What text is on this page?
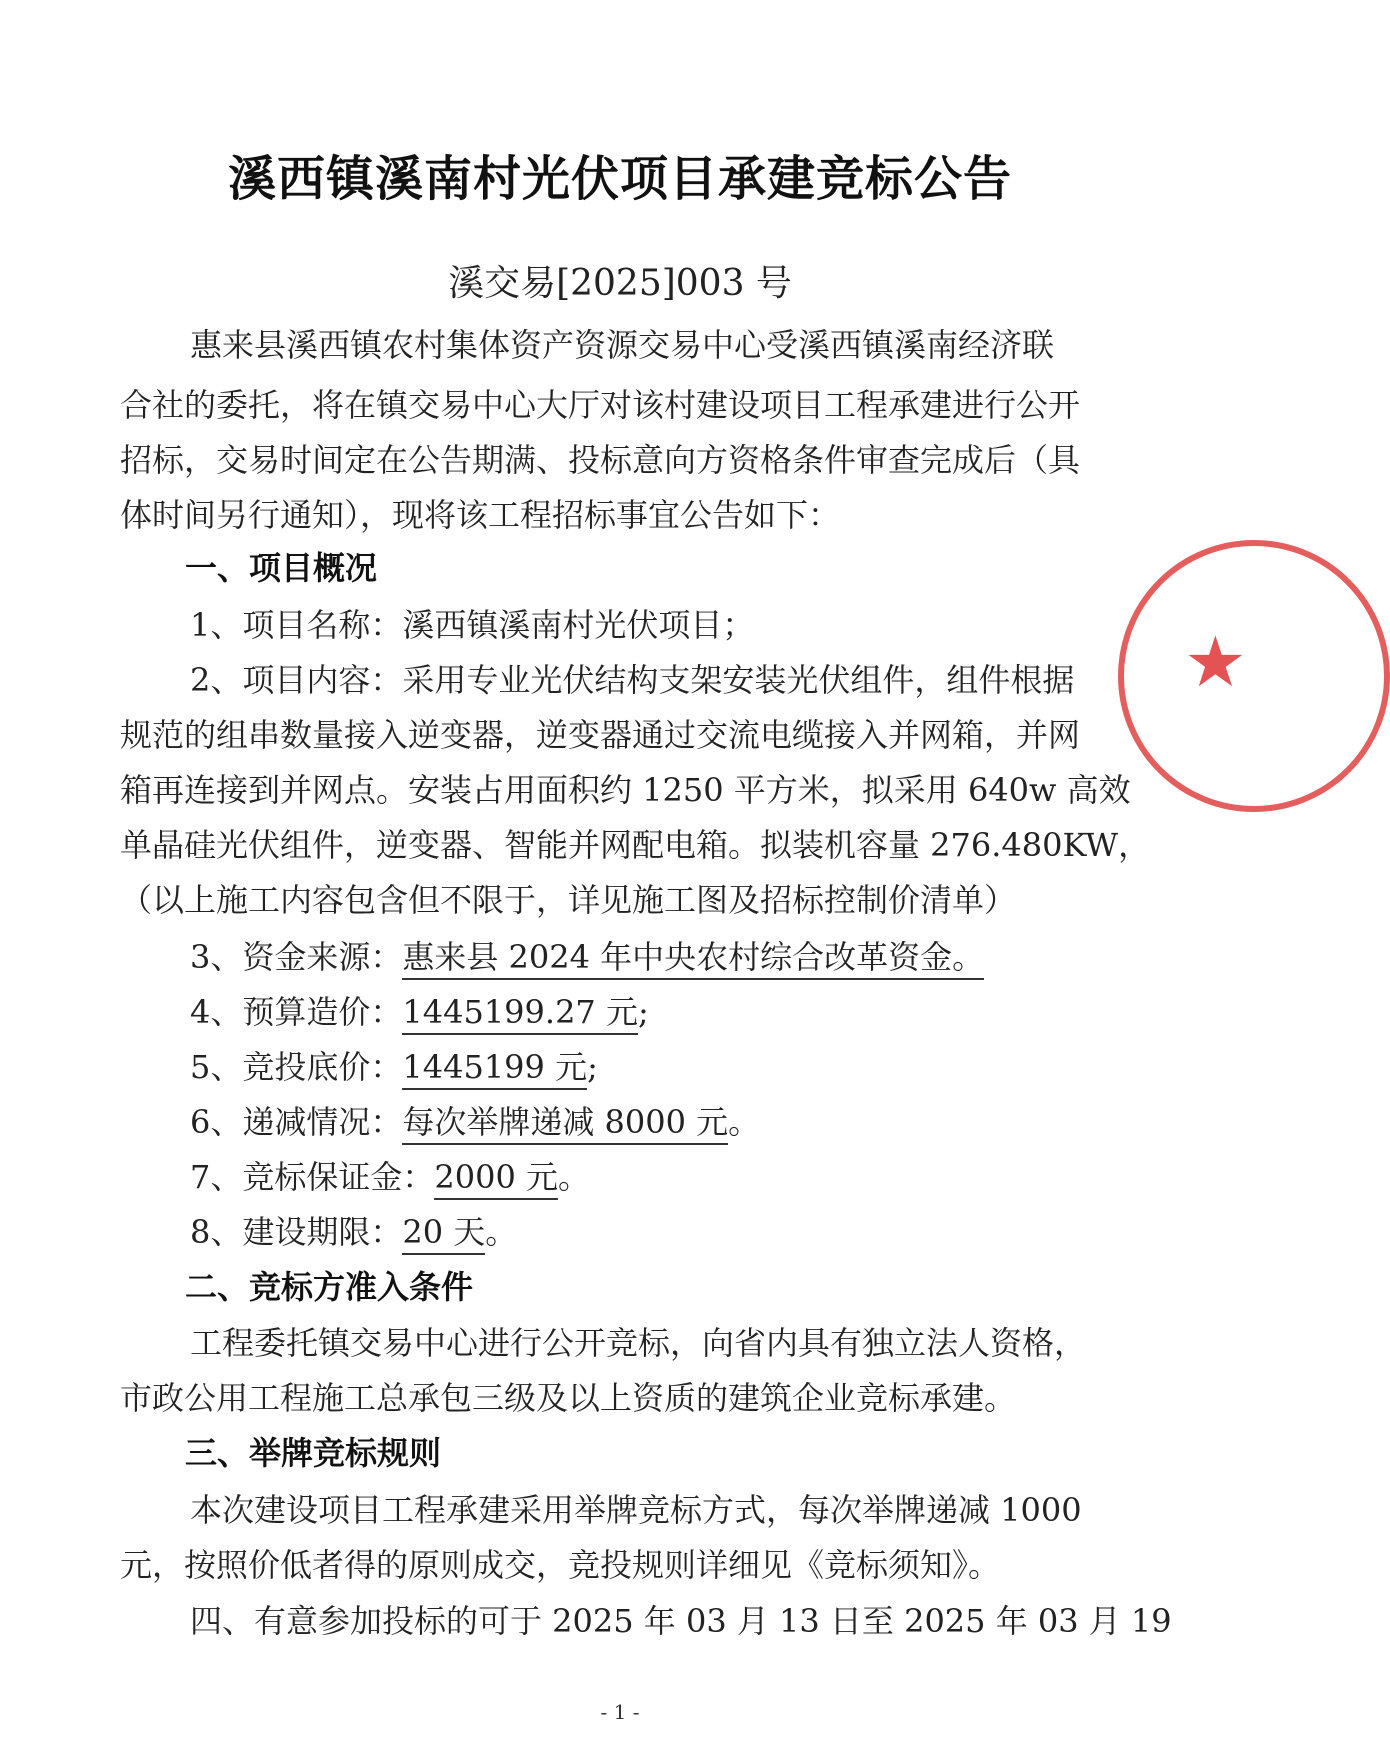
溪西镇溪南村光伏项目承建竞标公告
溪交易[2025]003 号
惠来县溪西镇农村集体资产资源交易中心受溪西镇溪南经济联
合社的委托，将在镇交易中心大厅对该村建设项目工程承建进行公开
招标，交易时间定在公告期满、投标意向方资格条件审查完成后（具
体时间另行通知），现将该工程招标事宜公告如下：
一、项目概况
1、项目名称：溪西镇溪南村光伏项目；
2、项目内容：采用专业光伏结构支架安装光伏组件，组件根据
规范的组串数量接入逆变器，逆变器通过交流电缆接入并网箱，并网
箱再连接到并网点。安装占用面积约 1250 平方米，拟采用 640w 高效
单晶硅光伏组件，逆变器、智能并网配电箱。拟装机容量 276.480KW，
（以上施工内容包含但不限于，详见施工图及招标控制价清单）
3、资金来源：惠来县 2024 年中央农村综合改革资金。
4、预算造价：1445199.27 元;
5、竞投底价：1445199 元;
6、递减情况：每次举牌递减 8000 元。
7、竞标保证金：2000 元。
8、建设期限：20 天。
二、竞标方准入条件
工程委托镇交易中心进行公开竞标，向省内具有独立法人资格，
市政公用工程施工总承包三级及以上资质的建筑企业竞标承建。
三、举牌竞标规则
本次建设项目工程承建采用举牌竞标方式，每次举牌递减 1000
元，按照价低者得的原则成交，竞投规则详细见《竞标须知》。
四、有意参加投标的可于 2025 年 03 月 13 日至 2025 年 03 月 19
- 1 -
★
